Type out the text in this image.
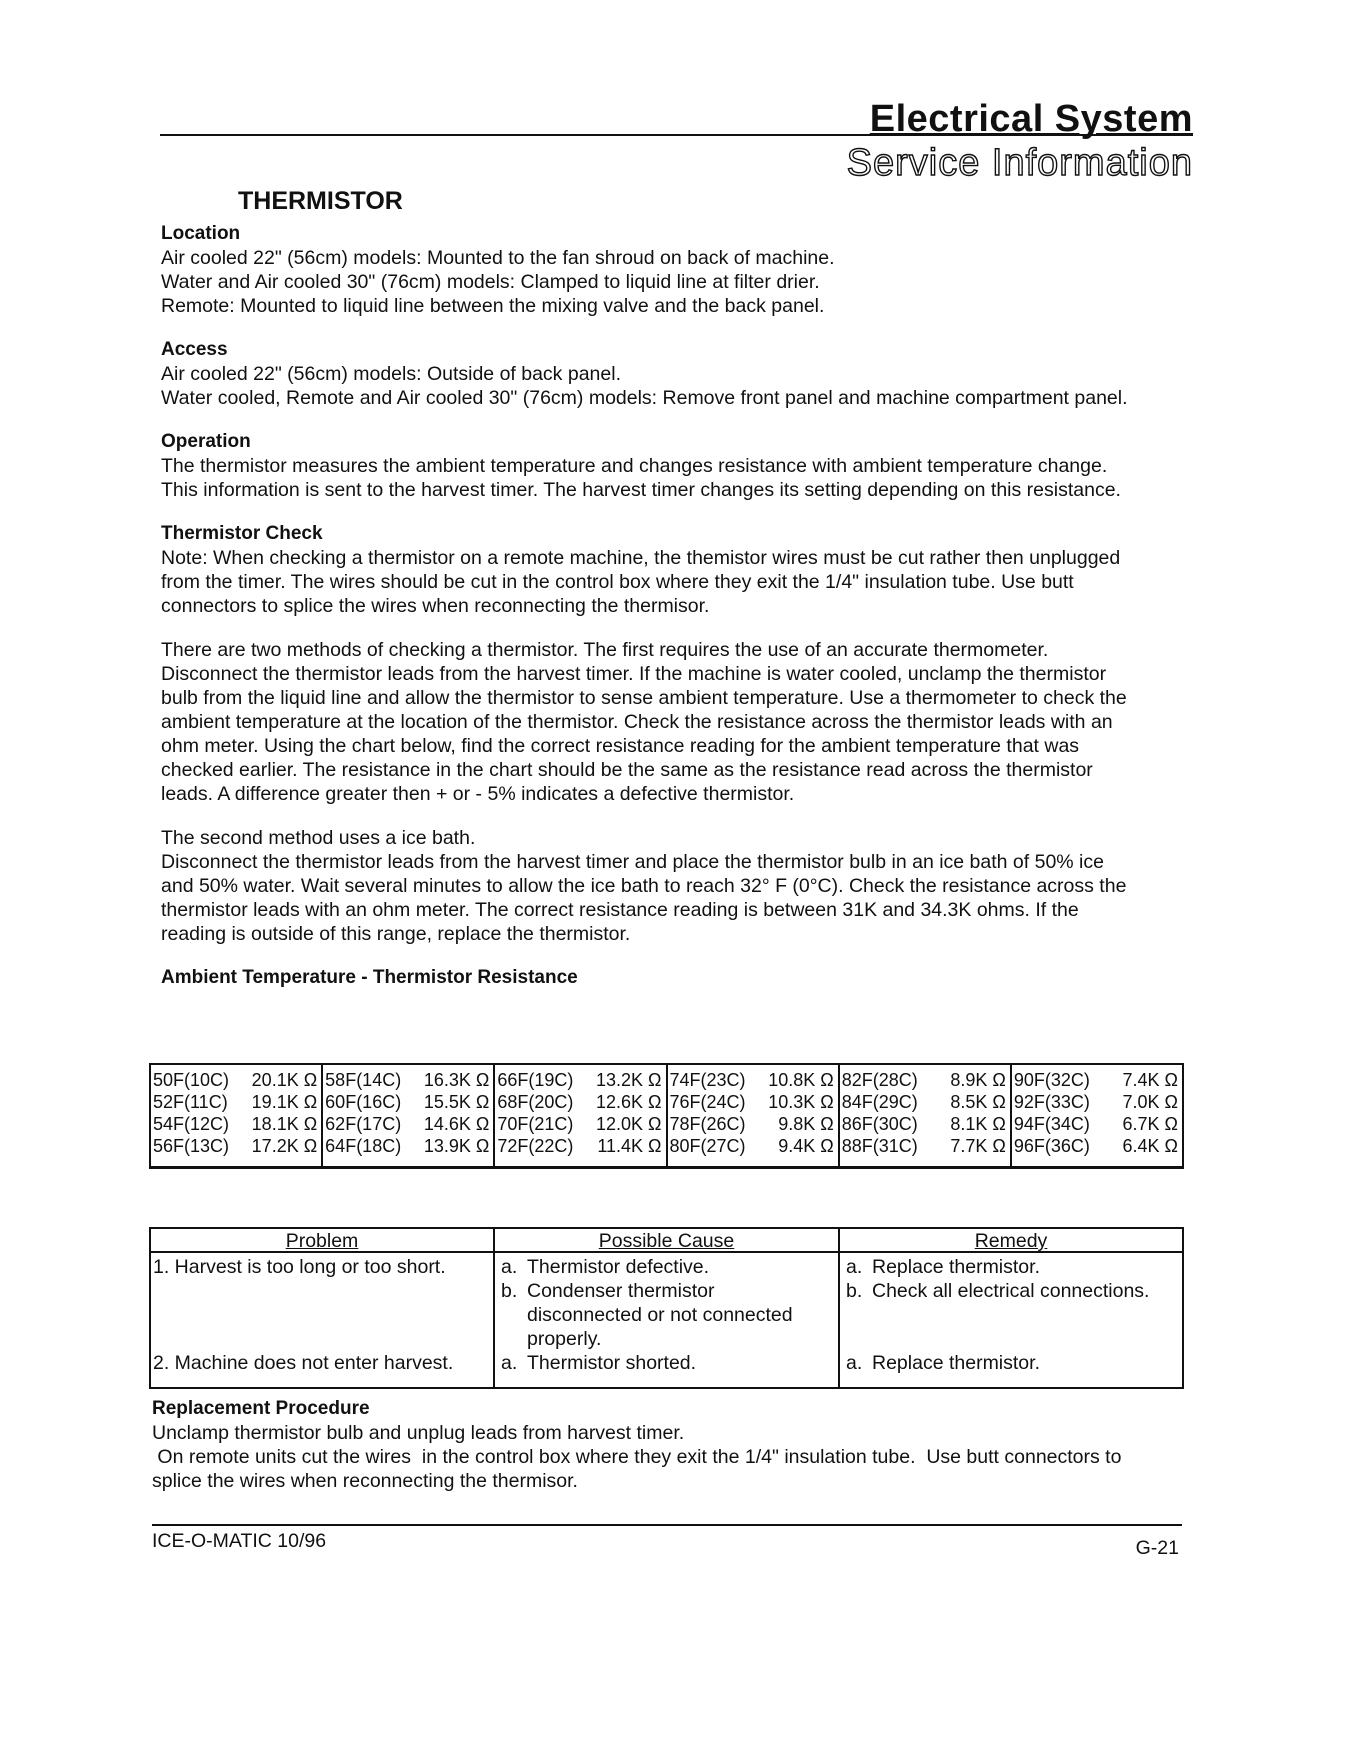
Electrical System
Service Information
THERMISTOR

Location

Air cooled 22" (56cm) models: Mounted to the fan shroud on back of machine.
Water and Air cooled 30" (76cm) models: Clamped to liquid line at filter drier.
Remote: Mounted to liquid line between the mixing valve and the back panel.

Access

Air cooled 22" (56cm) models: Outside of back panel.
Water cooled, Remote and Air cooled 30" (76cm) models: Remove front panel and machine compartment panel.

Operation

The thermistor measures the ambient temperature and changes resistance with ambient temperature change.
This information is sent to the harvest timer. The harvest timer changes its setting depending on this resistance.

Thermistor Check

Note: When checking a thermistor on a remote machine, the themistor wires must be cut rather then unplugged
from the timer. The wires should be cut in the control box where they exit the 1/4" insulation tube. Use butt
connectors to splice the wires when reconnecting the thermisor.
There are two methods of checking a thermistor. The first requires the use of an accurate thermometer.
Disconnect the thermistor leads from the harvest timer. If the machine is water cooled, unclamp the thermistor
bulb from the liquid line and allow the thermistor to sense ambient temperature. Use a thermometer to check the
ambient temperature at the location of the thermistor. Check the resistance across the thermistor leads with an
ohm meter. Using the chart below, find the correct resistance reading for the ambient temperature that was
checked earlier. The resistance in the chart should be the same as the resistance read across the thermistor
leads. A difference greater then + or - 5% indicates a defective thermistor.
The second method uses a ice bath.
Disconnect the thermistor leads from the harvest timer and place the thermistor bulb in an ice bath of 50% ice
and 50% water. Wait several minutes to allow the ice bath to reach 32° F (0°C). Check the resistance across the
thermistor leads with an ohm meter. The correct resistance reading is between 31K and 34.3K ohms. If the
reading is outside of this range, replace the thermistor.

Ambient Temperature - Thermistor Resistance

50F(10C) 20.1K Ω
52F(11C) 19.1K Ω
54F(12C) 18.1K Ω
56F(13C) 17.2K Ω
58F(14C) 16.3K Ω
60F(16C) 15.5K Ω
62F(17C) 14.6K Ω
64F(18C) 13.9K Ω
66F(19C) 13.2K Ω
68F(20C) 12.6K Ω
70F(21C) 12.0K Ω
72F(22C) 11.4K Ω
74F(23C) 10.8K Ω
76F(24C) 10.3K Ω
78F(26C) 9.8K Ω
80F(27C) 9.4K Ω
82F(28C) 8.9K Ω
84F(29C) 8.5K Ω
86F(30C) 8.1K Ω
88F(31C) 7.7K Ω
90F(32C) 7.4K Ω
92F(33C) 7.0K Ω
94F(34C) 6.7K Ω
96F(36C) 6.4K Ω
Problem
1. Harvest is too long or too short.
2. Machine does not enter harvest.
Possible Cause
a. Thermistor defective.
b. Condenser thermistor disconnected or not connected properly.
a. Thermistor shorted.
Remedy
a. Replace thermistor.
b. Check all electrical connections.
a. Replace thermistor.

Replacement Procedure

Unclamp thermistor bulb and unplug leads from harvest timer.
On remote units cut the wires  in the control box where they exit the 1/4" insulation tube.  Use butt connectors to
splice the wires when reconnecting the thermisor.
ICE-O-MATIC 10/96	G-21
